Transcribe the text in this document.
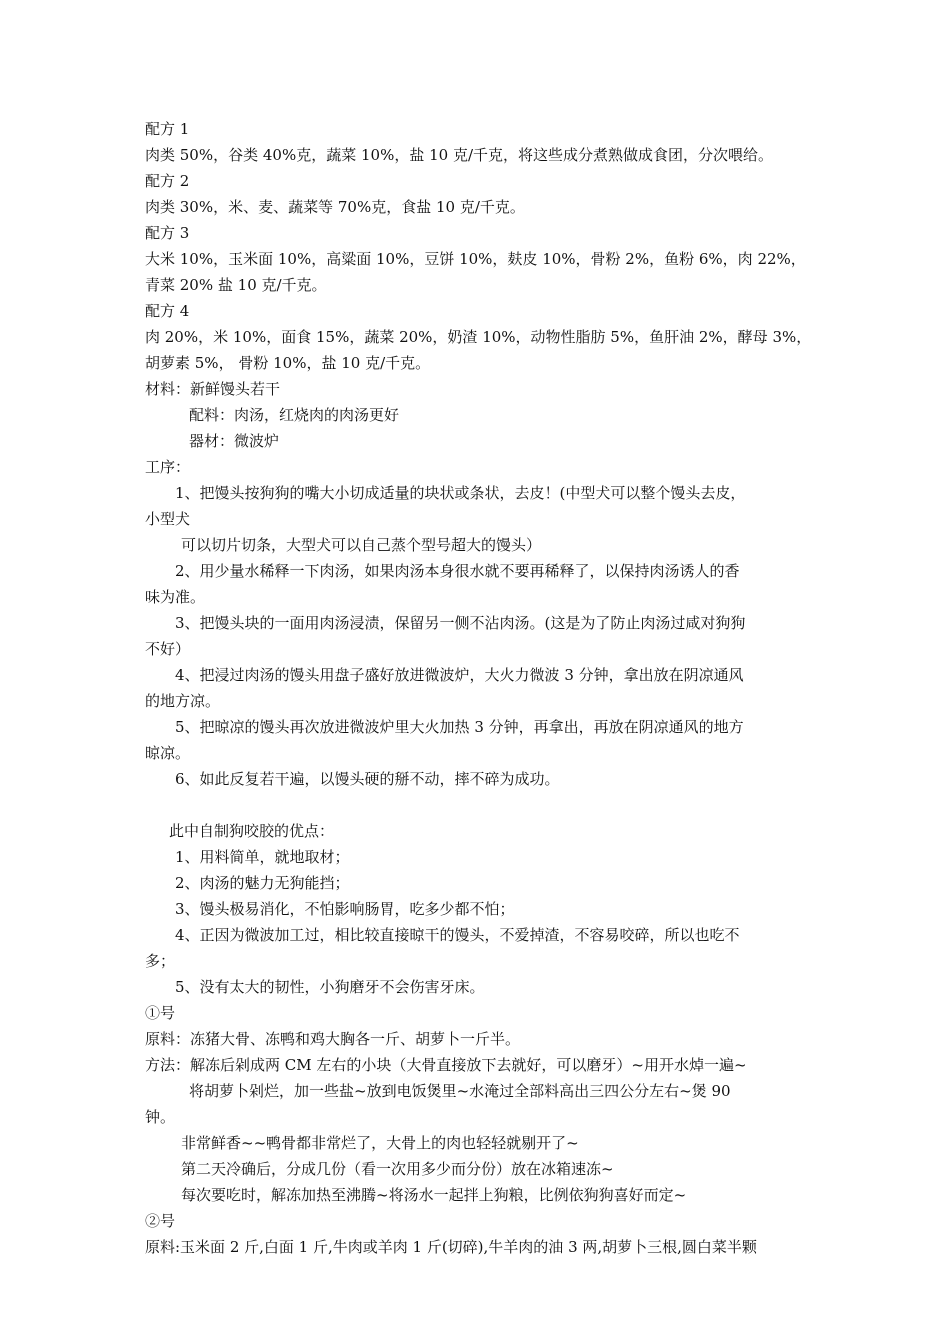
配方 1
肉类 50%，谷类 40%克，蔬菜 10%，盐 10 克/千克，将这些成分煮熟做成食团，分次喂给。
配方 2
肉类 30%，米、麦、蔬菜等 70%克，食盐 10 克/千克。
配方 3
大米 10%，玉米面 10%，高粱面 10%，豆饼 10%，麸皮 10%，骨粉 2%，鱼粉 6%，肉 22%，
青菜 20% 盐 10 克/千克。
配方 4
肉 20%，米 10%，面食 15%，蔬菜 20%，奶渣 10%，动物性脂肪 5%，鱼肝油 2%，酵母 3%，
胡萝素 5%， 骨粉 10%，盐 10 克/千克。
材料：新鲜馒头若干
配料：肉汤，红烧肉的肉汤更好
器材：微波炉
工序：
1、把馒头按狗狗的嘴大小切成适量的块状或条状，去皮！(中型犬可以整个馒头去皮，
小型犬
可以切片切条，大型犬可以自己蒸个型号超大的馒头）
2、用少量水稀释一下肉汤，如果肉汤本身很水就不要再稀释了，以保持肉汤诱人的香
味为准。
3、把馒头块的一面用肉汤浸渍，保留另一侧不沾肉汤。(这是为了防止肉汤过咸对狗狗
不好）
4、把浸过肉汤的馒头用盘子盛好放进微波炉，大火力微波 3 分钟，拿出放在阴凉通风
的地方凉。
5、把晾凉的馒头再次放进微波炉里大火加热 3 分钟，再拿出，再放在阴凉通风的地方
晾凉。
6、如此反复若干遍，以馒头硬的掰不动，摔不碎为成功。
此中自制狗咬胶的优点：
1、用料简单，就地取材；
2、肉汤的魅力无狗能挡；
3、馒头极易消化，不怕影响肠胃，吃多少都不怕；
4、正因为微波加工过，相比较直接晾干的馒头，不爱掉渣，不容易咬碎，所以也吃不
多；
5、没有太大的韧性，小狗磨牙不会伤害牙床。
①号
原料：冻猪大骨、冻鸭和鸡大胸各一斤、胡萝卜一斤半。
方法：解冻后剁成两 CM 左右的小块（大骨直接放下去就好，可以磨牙）~用开水焯一遍~
将胡萝卜剁烂，加一些盐~放到电饭煲里~水淹过全部料高出三四公分左右~煲 90
钟。
非常鲜香~~鸭骨都非常烂了，大骨上的肉也轻轻就剔开了~
第二天冷确后，分成几份（看一次用多少而分份）放在冰箱速冻~
每次要吃时，解冻加热至沸腾~将汤水一起拌上狗粮，比例依狗狗喜好而定~
②号
原料:玉米面 2 斤,白面 1 斤,牛肉或羊肉 1 斤(切碎),牛羊肉的油 3 两,胡萝卜三根,圆白菜半颗
